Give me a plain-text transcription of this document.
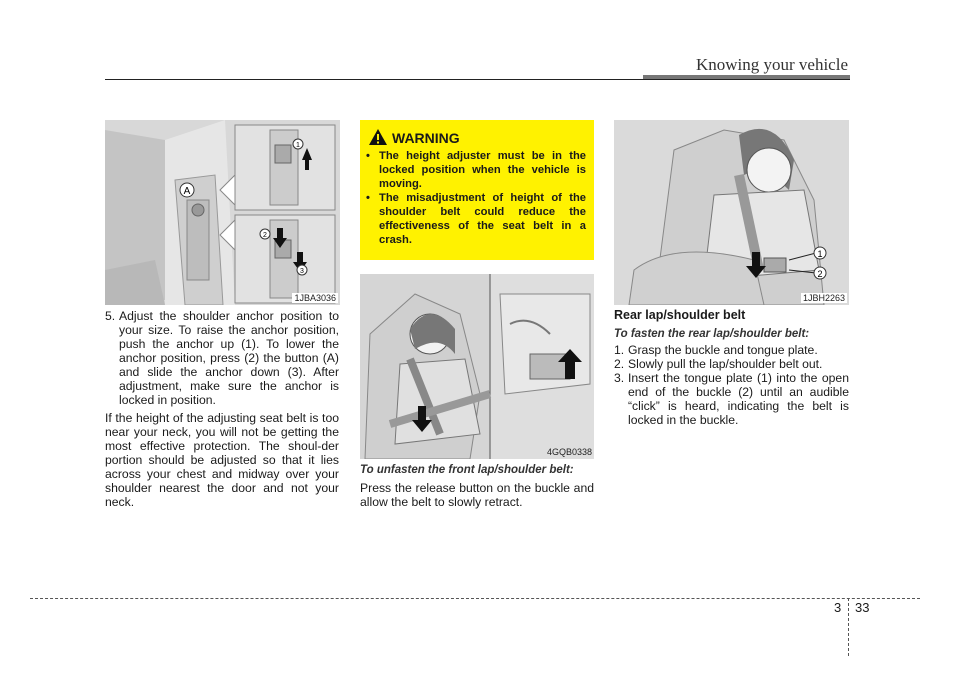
Knowing your vehicle
A
1
2
3
1JBA3036
5. Adjust the shoulder anchor position to your size. To raise the anchor position, push the anchor up (1). To lower the anchor position, press (2) the button (A) and slide the anchor down (3). After adjustment, make sure the anchor is locked in position.

If the height of the adjusting seat belt is too near your neck, you will not be getting the most effective protection. The shoul-der portion should be adjusted so that it lies across your chest and midway over your shoulder nearest the door and not your neck.

WARNING
• The height adjuster must be in the locked position when the vehicle is moving.
• The misadjustment of height of the shoulder belt could reduce the effectiveness of the seat belt in a crash.
4GQB0338
To unfasten the front lap/shoulder belt:

Press the release button on the buckle and allow the belt to slowly retract.

1
2
1JBH2263
Rear lap/shoulder belt
To fasten the rear lap/shoulder belt:
1. Grasp the buckle and tongue plate.
2. Slowly pull the lap/shoulder belt out.
3. Insert the tongue plate (1) into the open end of the buckle (2) until an audible “click” is heard, indicating the belt is locked in the buckle.
3 33
